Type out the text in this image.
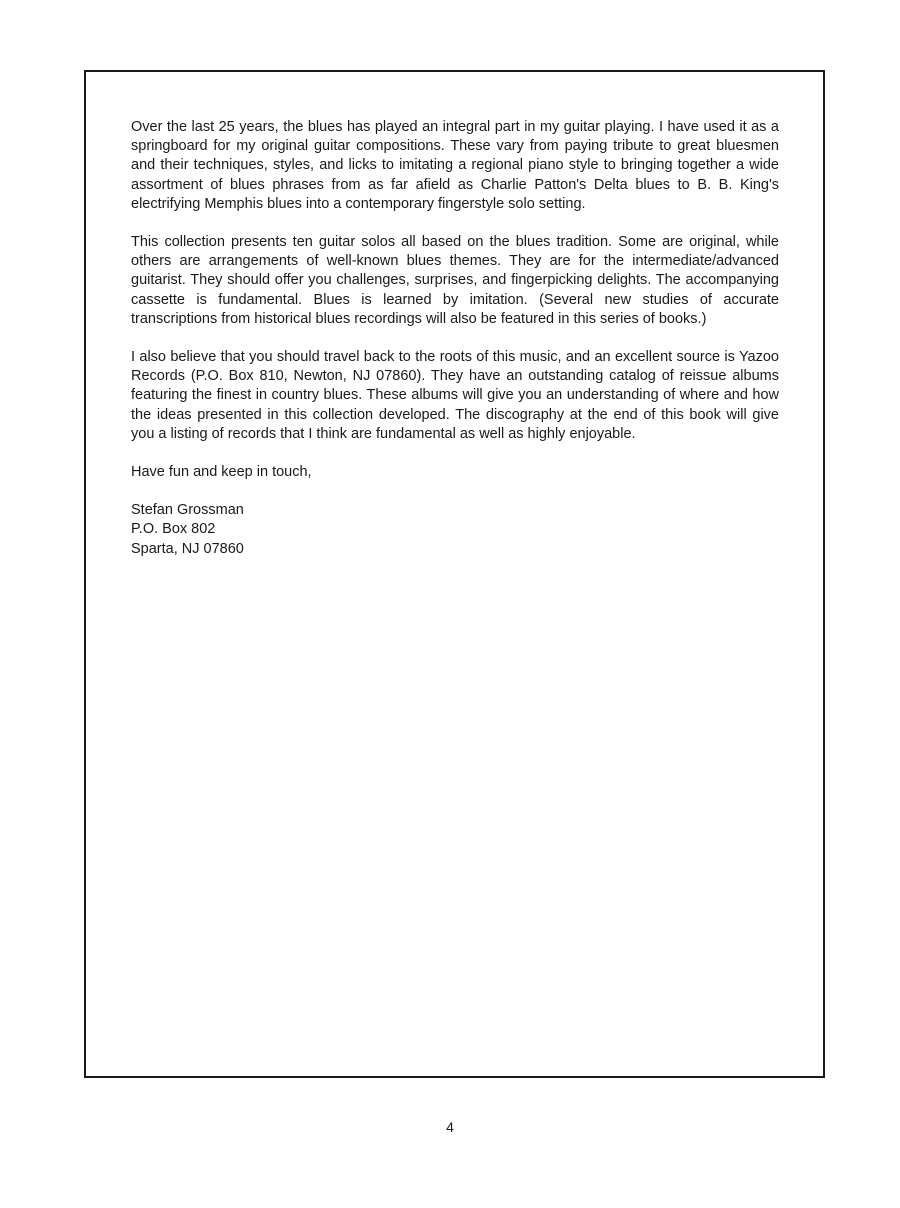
Over the last 25 years, the blues has played an integral part in my guitar playing. I have used it as a springboard for my original guitar compositions. These vary from paying tribute to great bluesmen and their techniques, styles, and licks to imitating a regional piano style to bringing together a wide assortment of blues phrases from as far afield as Charlie Patton's Delta blues to B. B. King's electrifying Memphis blues into a contemporary fingerstyle solo setting.

This collection presents ten guitar solos all based on the blues tradition. Some are original, while others are arrangements of well-known blues themes. They are for the intermediate/advanced guitarist. They should offer you challenges, surprises, and fingerpicking delights. The accompanying cassette is fundamental. Blues is learned by imitation. (Several new studies of accurate transcriptions from historical blues recordings will also be featured in this series of books.)

I also believe that you should travel back to the roots of this music, and an excellent source is Yazoo Records (P.O. Box 810, Newton, NJ 07860). They have an outstanding catalog of reissue albums featuring the finest in country blues. These albums will give you an understanding of where and how the ideas presented in this collection developed. The discography at the end of this book will give you a listing of records that I think are fundamental as well as highly enjoyable.

Have fun and keep in touch,

Stefan Grossman

P.O. Box 802

Sparta, NJ 07860

4
